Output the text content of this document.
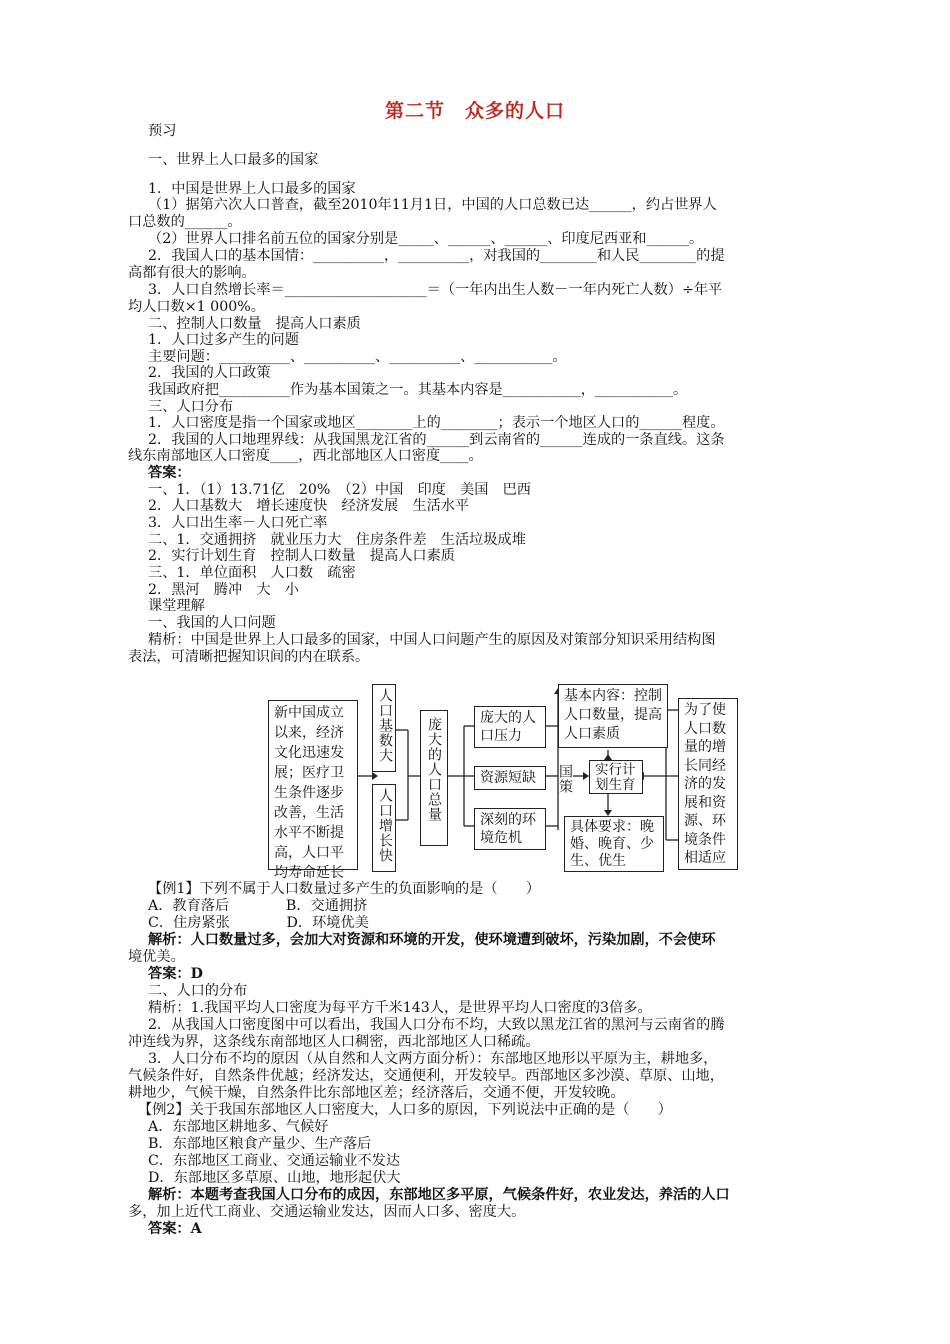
第二节　众多的人口
预习
一、世界上人口最多的国家
1．中国是世界上人口最多的国家
（1）据第六次人口普查，截至2010年11月1日，中国的人口总数已达______，约占世界人
口总数的______。
（2）世界人口排名前五位的国家分别是_____、______、______、印度尼西亚和______。
2．我国人口的基本国情：__________，__________，对我国的________和人民________的提
高都有很大的影响。
3．人口自然增长率＝____________________＝（一年内出生人数－一年内死亡人数）÷年平
均人口数×1 000%。
二、控制人口数量　提高人口素质
1．人口过多产生的问题
主要问题：__________、__________、__________、___________。
2．我国的人口政策
我国政府把__________作为基本国策之一。其基本内容是___________，___________。
三、人口分布
1．人口密度是指一个国家或地区________上的________；表示一个地区人口的______程度。
2．我国的人口地理界线：从我国黑龙江省的______到云南省的______连成的一条直线。这条
线东南部地区人口密度____，西北部地区人口密度____。
答案：
一、1．（1）13.71亿　20%　（2）中国　印度　美国　巴西
2．人口基数大　增长速度快　经济发展　生活水平
3．人口出生率－人口死亡率
二、1．交通拥挤　就业压力大　住房条件差　生活垃圾成堆
2．实行计划生育　控制人口数量　提高人口素质
三、1．单位面积　人口数　疏密
2．黑河　腾冲　大　小
课堂理解
一、我国的人口问题
精析：中国是世界上人口最多的国家，中国人口问题产生的原因及对策部分知识采用结构图
表法，可清晰把握知识间的内在联系。
新中国成立以来，经济文化迅速发展；医疗卫生条件逐步改善，生活水平不断提高，人口平均寿命延长
人口基数大
人口增长快
庞大的人口总量	庞大的人口压力
资源短缺
深刻的环境危机
基本内容：控制人口数量，提高人口素质
国策	实行计划生育
具体要求：晚婚、晚育、少生、优生
为了使人口数量的增长同经济的发展和资源、环境条件相适应
【例1】下列不属于人口数量过多产生的负面影响的是（　　）
A．教育落后　　　　B．交通拥挤
C．住房紧张　　　　D．环境优美
解析：人口数量过多，会加大对资源和环境的开发，使环境遭到破坏，污染加剧，不会使环
境优美。
答案：D
二、人口的分布
精析：1.我国平均人口密度为每平方千米143人，是世界平均人口密度的3倍多。
2．从我国人口密度图中可以看出，我国人口分布不均，大致以黑龙江省的黑河与云南省的腾
冲连线为界，这条线东南部地区人口稠密，西北部地区人口稀疏。
3．人口分布不均的原因（从自然和人文两方面分析）：东部地区地形以平原为主，耕地多，
气候条件好，自然条件优越；经济发达，交通便利，开发较早。西部地区多沙漠、草原、山地，
耕地少，气候干燥，自然条件比东部地区差；经济落后，交通不便，开发较晚。
【例2】关于我国东部地区人口密度大，人口多的原因，下列说法中正确的是（　　）
A．东部地区耕地多、气候好
B．东部地区粮食产量少、生产落后
C．东部地区工商业、交通运输业不发达
D．东部地区多草原、山地，地形起伏大
解析：本题考查我国人口分布的成因，东部地区多平原，气候条件好，农业发达，养活的人口
多，加上近代工商业、交通运输业发达，因而人口多、密度大。
答案：A
